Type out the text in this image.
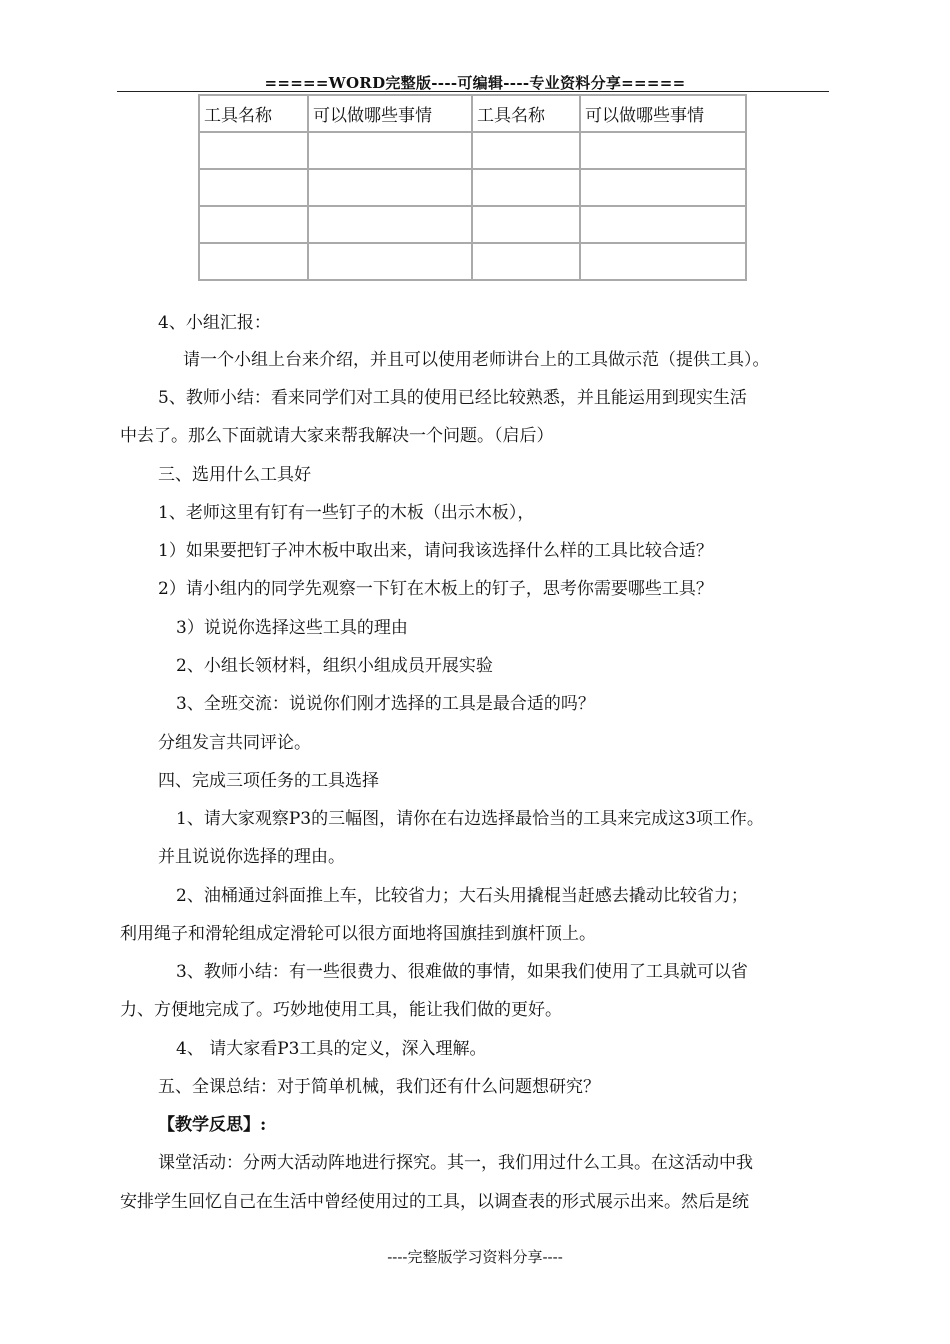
=====WORD完整版----可编辑----专业资料分享=====
工具名称	可以做哪些事情	工具名称	可以做哪些事情

4、小组汇报：
请一个小组上台来介绍，并且可以使用老师讲台上的工具做示范（提供工具）。
5、教师小结：看来同学们对工具的使用已经比较熟悉，并且能运用到现实生活
中去了。那么下面就请大家来帮我解决一个问题。（启后）
三、选用什么工具好
1、老师这里有钉有一些钉子的木板（出示木板），
1）如果要把钉子冲木板中取出来，请问我该选择什么样的工具比较合适？
2）请小组内的同学先观察一下钉在木板上的钉子，思考你需要哪些工具？
3）说说你选择这些工具的理由
2、小组长领材料，组织小组成员开展实验
3、全班交流：说说你们刚才选择的工具是最合适的吗？
分组发言共同评论。
四、完成三项任务的工具选择
1、请大家观察P3的三幅图，请你在右边选择最恰当的工具来完成这3项工作。
并且说说你选择的理由。
2、油桶通过斜面推上车，比较省力；大石头用撬棍当赶感去撬动比较省力；
利用绳子和滑轮组成定滑轮可以很方面地将国旗挂到旗杆顶上。
3、教师小结：有一些很费力、很难做的事情，如果我们使用了工具就可以省
力、方便地完成了。巧妙地使用工具，能让我们做的更好。
4、 请大家看P3工具的定义，深入理解。
五、全课总结：对于简单机械，我们还有什么问题想研究？
【教学反思】:
课堂活动：分两大活动阵地进行探究。其一，我们用过什么工具。在这活动中我
安排学生回忆自己在生活中曾经使用过的工具，以调查表的形式展示出来。然后是统
----完整版学习资料分享----
